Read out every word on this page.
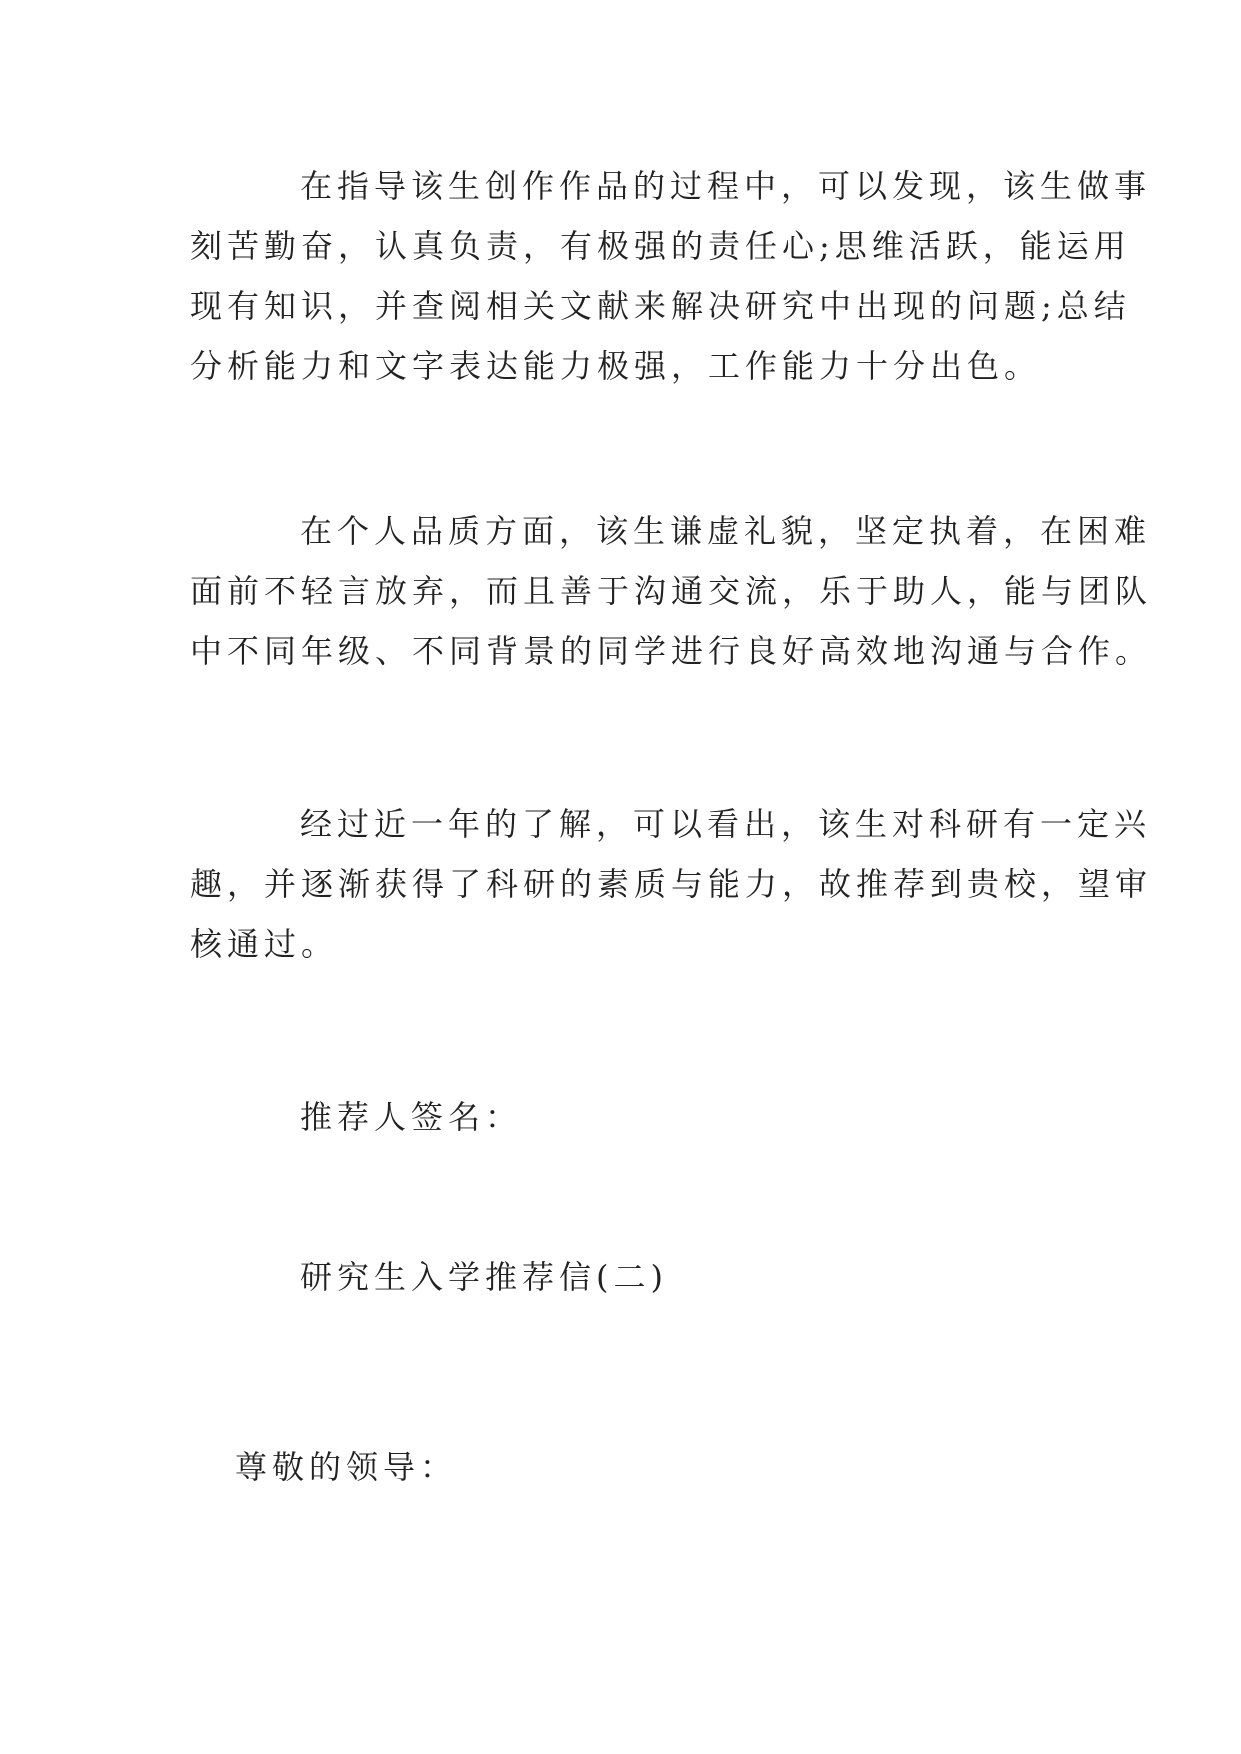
在指导该生创作作品的过程中，可以发现，该生做事
刻苦勤奋，认真负责，有极强的责任心;思维活跃，能运用
现有知识，并查阅相关文献来解决研究中出现的问题;总结
分析能力和文字表达能力极强，工作能力十分出色。
在个人品质方面，该生谦虚礼貌，坚定执着，在困难
面前不轻言放弃，而且善于沟通交流，乐于助人，能与团队
中不同年级、不同背景的同学进行良好高效地沟通与合作。
经过近一年的了解，可以看出，该生对科研有一定兴
趣，并逐渐获得了科研的素质与能力，故推荐到贵校，望审
核通过。
推荐人签名：
研究生入学推荐信(二)
尊敬的领导：
